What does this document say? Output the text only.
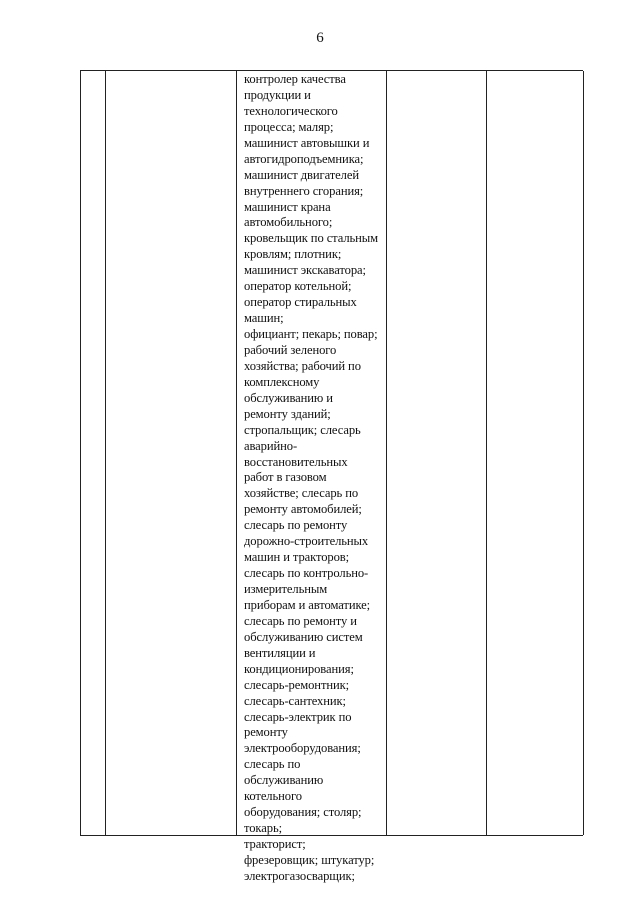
6
контролер качества
продукции и
технологического
процесса; маляр;
машинист автовышки и
автогидроподъемника;
машинист двигателей
внутреннего сгорания;
машинист крана
автомобильного;
кровельщик по стальным
кровлям; плотник;
машинист экскаватора;
оператор котельной;
оператор стиральных
машин;
официант; пекарь; повар;
рабочий зеленого
хозяйства; рабочий по
комплексному
обслуживанию и
ремонту зданий;
стропальщик; слесарь
аварийно-
восстановительных
работ в газовом
хозяйстве; слесарь по
ремонту автомобилей;
слесарь по ремонту
дорожно-строительных
машин и тракторов;
слесарь по контрольно-
измерительным
приборам и автоматике;
слесарь по ремонту и
обслуживанию систем
вентиляции и
кондиционирования;
слесарь-ремонтник;
слесарь-сантехник;
слесарь-электрик по
ремонту
электрооборудования;
слесарь по
обслуживанию
котельного
оборудования; столяр;
токарь;
тракторист;
фрезеровщик; штукатур;
электрогазосварщик;
